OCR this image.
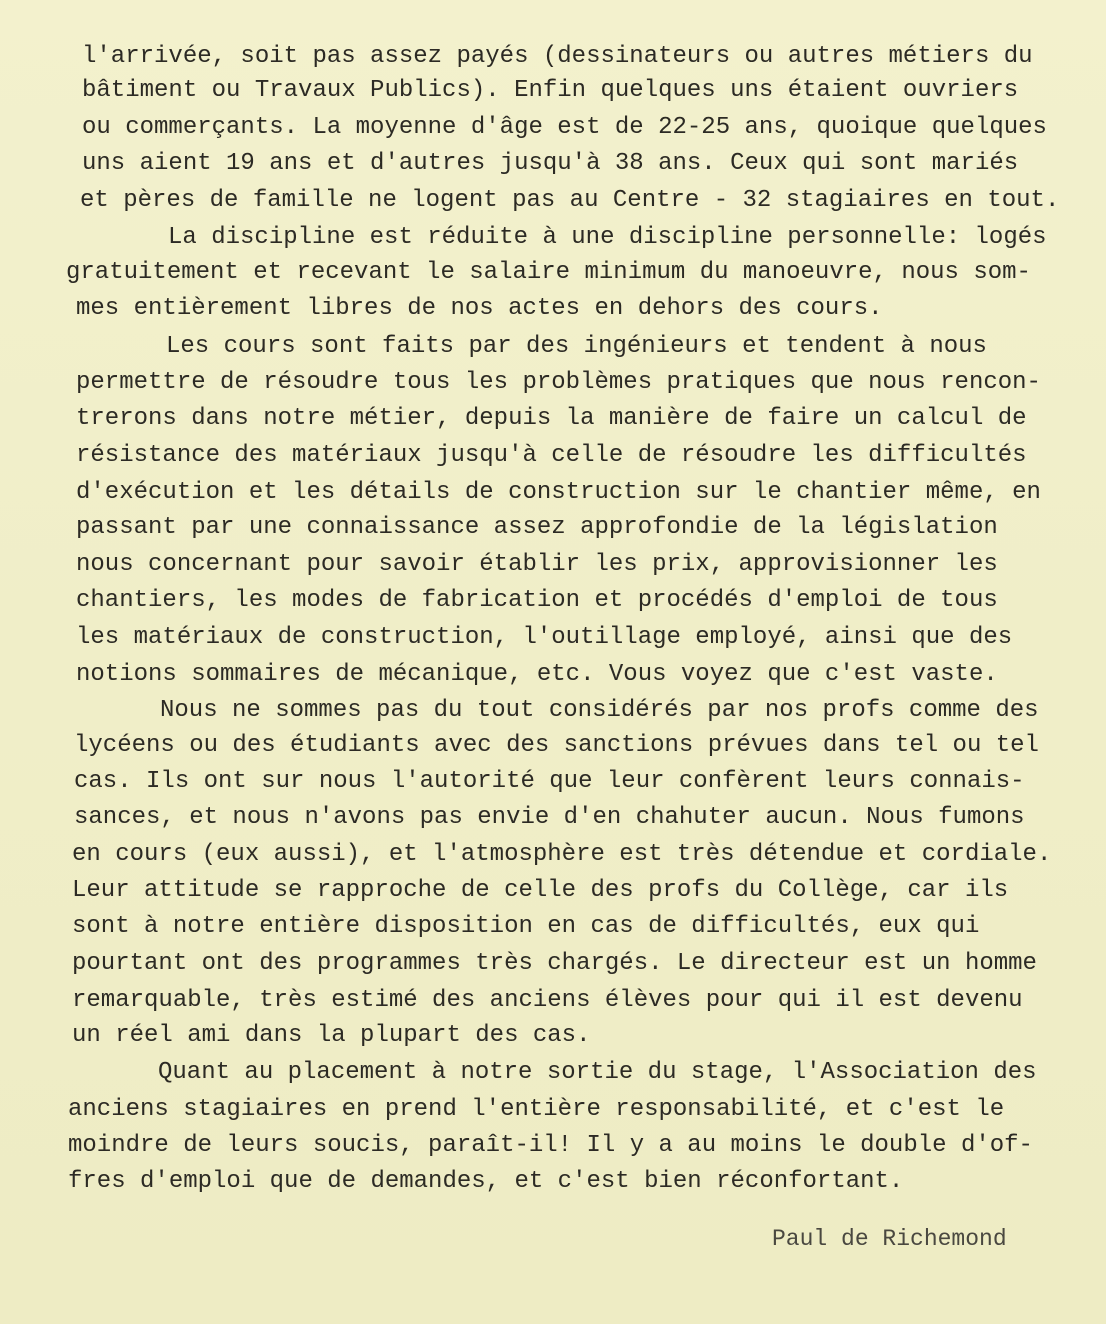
l'arrivée, soit pas assez payés (dessinateurs ou autres métiers du
bâtiment ou Travaux Publics). Enfin quelques uns étaient ouvriers
ou commerçants. La moyenne d'âge est de 22-25 ans, quoique quelques
uns aient 19 ans et d'autres jusqu'à 38 ans. Ceux qui sont mariés
et pères de famille ne logent pas au Centre - 32 stagiaires en tout.
La discipline est réduite à une discipline personnelle: logés
gratuitement et recevant le salaire minimum du manoeuvre, nous som-
mes entièrement libres de nos actes en dehors des cours.
Les cours sont faits par des ingénieurs et tendent à nous
permettre de résoudre tous les problèmes pratiques que nous rencon-
trerons dans notre métier, depuis la manière de faire un calcul de
résistance des matériaux jusqu'à celle de résoudre les difficultés
d'exécution et les détails de construction sur le chantier même, en
passant par une connaissance assez approfondie de la législation
nous concernant pour savoir établir les prix, approvisionner les
chantiers, les modes de fabrication et procédés d'emploi de tous
les matériaux de construction, l'outillage employé, ainsi que des
notions sommaires de mécanique, etc. Vous voyez que c'est vaste.
Nous ne sommes pas du tout considérés par nos profs comme des
lycéens ou des étudiants avec des sanctions prévues dans tel ou tel
cas. Ils ont sur nous l'autorité que leur confèrent leurs connais-
sances, et nous n'avons pas envie d'en chahuter aucun. Nous fumons
en cours (eux aussi), et l'atmosphère est très détendue et cordiale.
Leur attitude se rapproche de celle des profs du Collège, car ils
sont à notre entière disposition en cas de difficultés, eux qui
pourtant ont des programmes très chargés. Le directeur est un homme
remarquable, très estimé des anciens élèves pour qui il est devenu
un réel ami dans la plupart des cas.
Quant au placement à notre sortie du stage, l'Association des
anciens stagiaires en prend l'entière responsabilité, et c'est le
moindre de leurs soucis, paraît-il! Il y a au moins le double d'of-
fres d'emploi que de demandes, et c'est bien réconfortant.
Paul de Richemond
